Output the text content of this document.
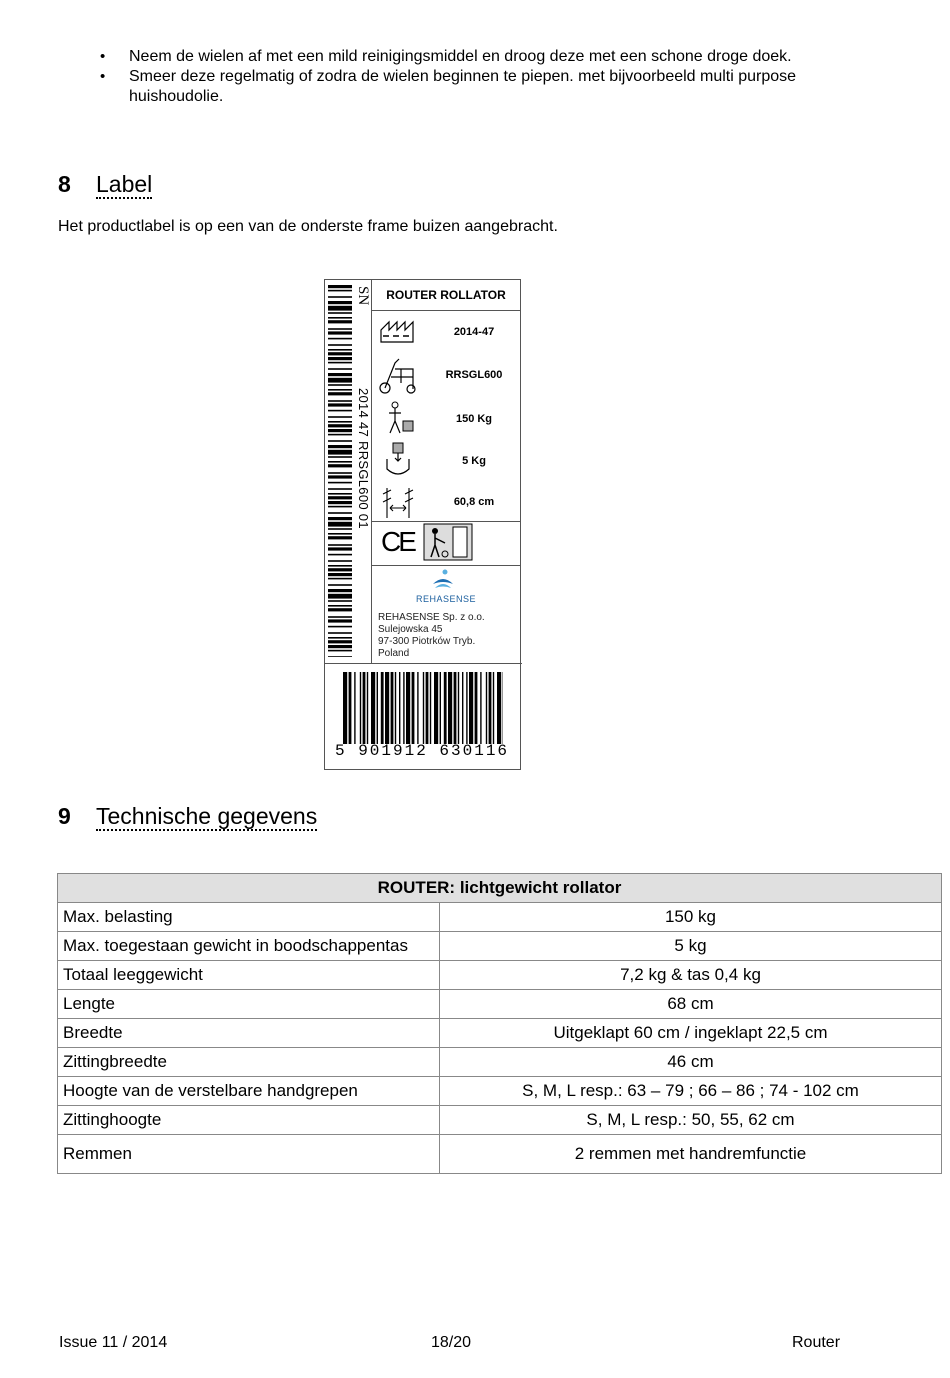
• Neem de wielen af met een mild reinigingsmiddel en droog deze met een schone droge doek.
• Smeer deze regelmatig of zodra de wielen beginnen te piepen. met bijvoorbeeld multi purpose huishoudolie.
8 Label
Het productlabel is op een van de onderste frame buizen aangebracht.
SN
2014 47 RRSGL600 01
ROUTER ROLLATOR
2014-47
RRSGL600
150 Kg
5 Kg
60,8 cm
CE
REHASENSE
REHASENSE Sp. z o.o.
Sulejowska 45
97-300 Piotrków Tryb.
Poland
5 901912 630116
9 Technische gegevens
ROUTER: lichtgewicht rollator	
Max. belasting	150 kg
Max. toegestaan gewicht in boodschappentas	5 kg
Totaal leeggewicht	7,2 kg & tas 0,4 kg
Lengte	68 cm
Breedte	Uitgeklapt 60 cm / ingeklapt 22,5 cm
Zittingbreedte	46 cm
Hoogte van de verstelbare handgrepen	S, M, L resp.: 63 – 79 ; 66 – 86 ; 74 - 102 cm
Zittinghoogte	S, M, L resp.: 50, 55, 62 cm
Remmen	2 remmen met handremfunctie
Issue 11 / 2014	18/20	Router
